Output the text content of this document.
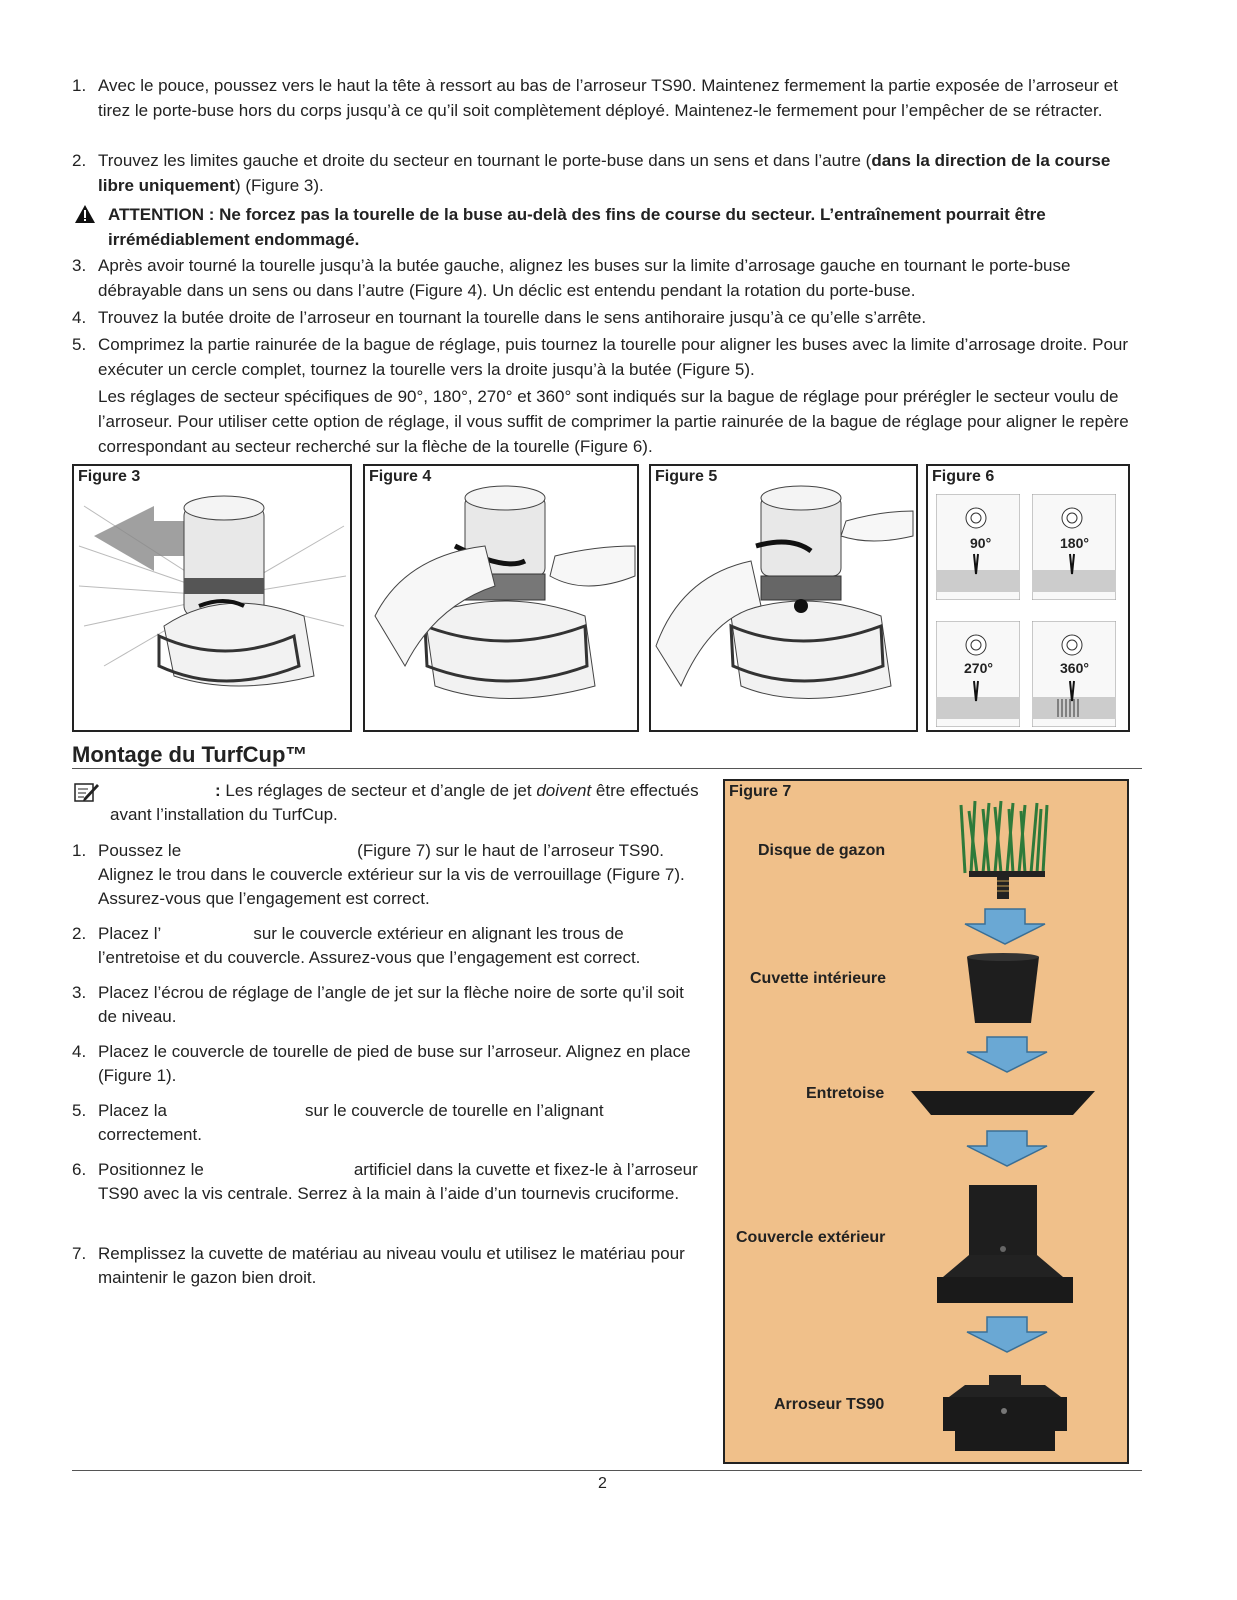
1. Avec le pouce, poussez vers le haut la tête à ressort au bas de l’arroseur TS90. Maintenez fermement la partie exposée de l’arroseur et tirez le porte-buse hors du corps jusqu’à ce qu’il soit complètement déployé. Maintenez-le fermement pour l’empêcher de se rétracter.
2. Trouvez les limites gauche et droite du secteur en tournant le porte-buse dans un sens et dans l’autre (dans la direction de la course libre uniquement) (Figure 3).
ATTENTION : Ne forcez pas la tourelle de la buse au-delà des fins de course du secteur. L’entraînement pourrait être irrémédiablement endommagé.
3. Après avoir tourné la tourelle jusqu’à la butée gauche, alignez les buses sur la limite d’arrosage gauche en tournant le porte-buse débrayable dans un sens ou dans l’autre (Figure 4). Un déclic est entendu pendant la rotation du porte-buse.
4. Trouvez la butée droite de l’arroseur en tournant la tourelle dans le sens antihoraire jusqu’à ce qu’elle s’arrête.
5. Comprimez la partie rainurée de la bague de réglage, puis tournez la tourelle pour aligner les buses avec la limite d’arrosage droite. Pour exécuter un cercle complet, tournez la tourelle vers la droite jusqu’à la butée (Figure 5).
Les réglages de secteur spécifiques de 90°, 180°, 270° et 360° sont indiqués sur la bague de réglage pour prérégler le secteur voulu de l’arroseur. Pour utiliser cette option de réglage, il vous suffit de comprimer la partie rainurée de la bague de réglage pour aligner le repère correspondant au secteur recherché sur la flèche de la tourelle (Figure 6).
Figure 3	Figure 4	Figure 5	Figure 6
90°	180°
270°	360°
Montage du TurfCup™
: Les réglages de secteur et d’angle de jet doivent être effectués avant l’installation du TurfCup.
1. Poussez le	(Figure 7) sur le haut de l’arroseur TS90. Alignez le trou dans le couvercle extérieur sur la vis de verrouillage (Figure 7). Assurez-vous que l’engagement est correct.
2. Placez l’	sur le couvercle extérieur en alignant les trous de l’entretoise et du couvercle. Assurez-vous que l’engagement est correct.
3. Placez l’écrou de réglage de l’angle de jet sur la flèche noire de sorte qu’il soit de niveau.
4. Placez le couvercle de tourelle de pied de buse sur l’arroseur. Alignez en place (Figure 1).
5. Placez la	sur le couvercle de tourelle en l’alignant correctement.
6. Positionnez le	artificiel dans la cuvette et fixez-le à l’arroseur TS90 avec la vis centrale. Serrez à la main à l’aide d’un tournevis cruciforme.
7. Remplissez la cuvette de matériau au niveau voulu et utilisez le matériau pour maintenir le gazon bien droit.
Figure 7
Disque de gazon
Cuvette intérieure
Entretoise
Couvercle extérieur
Arroseur TS90
2
